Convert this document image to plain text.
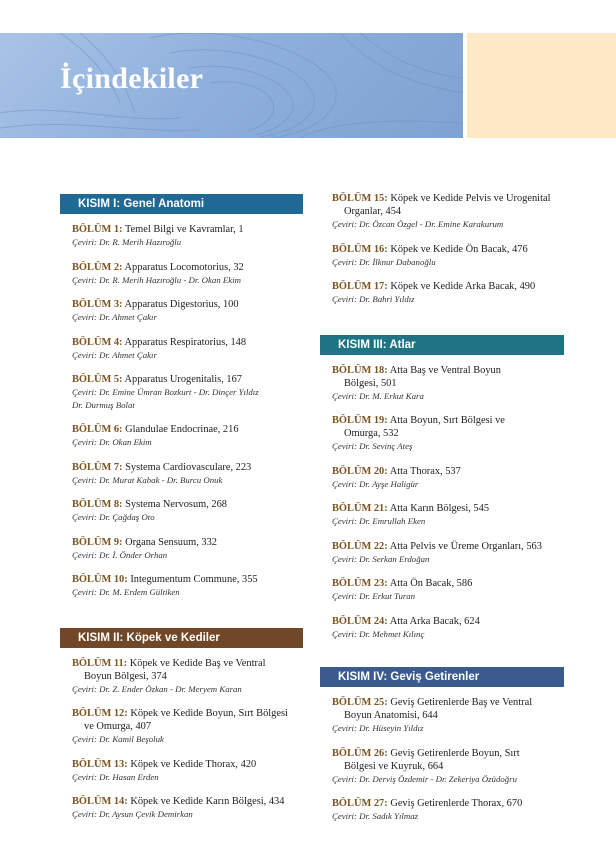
İçindekiler
KISIM I: Genel Anatomi
BÖLÜM 1: Temel Bilgi ve Kavramlar, 1
Çeviri: Dr. R. Merih Hazıroğlu
BÖLÜM 2: Apparatus Locomotorius, 32
Çeviri: Dr. R. Merih Hazıroğlu - Dr. Okan Ekim
BÖLÜM 3: Apparatus Digestorius, 100
Çeviri: Dr. Ahmet Çakır
BÖLÜM 4: Apparatus Respiratorius, 148
Çeviri: Dr. Ahmet Çakır
BÖLÜM 5: Apparatus Urogenitalis, 167
Çeviri: Dr. Emine Ümran Bozkurt - Dr. Dinçer Yıldız
Dr. Durmuş Bolat
BÖLÜM 6: Glandulae Endocrinae, 216
Çeviri: Dr. Okan Ekim
BÖLÜM 7: Systema Cardiovasculare, 223
Çeviri: Dr. Murat Kabak - Dr. Burcu Onuk
BÖLÜM 8: Systema Nervosum, 268
Çeviri: Dr. Çağdaş Oto
BÖLÜM 9: Organa Sensuum, 332
Çeviri: Dr. İ. Önder Orhan
BÖLÜM 10: Integumentum Commune, 355
Çeviri: Dr. M. Erdem Gültiken
KISIM II: Köpek ve Kediler
BÖLÜM 11: Köpek ve Kedide Baş ve Ventral
Boyun Bölgesi, 374
Çeviri: Dr. Z. Ender Özkan - Dr. Meryem Karan
BÖLÜM 12: Köpek ve Kedide Boyun, Sırt Bölgesi
ve Omurga, 407
Çeviri: Dr. Kamil Beşoluk
BÖLÜM 13: Köpek ve Kedide Thorax, 420
Çeviri: Dr. Hasan Erden
BÖLÜM 14: Köpek ve Kedide Karın Bölgesi, 434
Çeviri: Dr. Aysun Çevik Demirkan
BÖLÜM 15: Köpek ve Kedide Pelvis ve Urogenital
Organlar, 454
Çeviri: Dr. Özcan Özgel - Dr. Emine Karakurum
BÖLÜM 16: Köpek ve Kedide Ön Bacak, 476
Çeviri: Dr. İlknur Dabanoğlu
BÖLÜM 17: Köpek ve Kedide Arka Bacak, 490
Çeviri: Dr. Bahri Yıldız
KISIM III: Atlar
BÖLÜM 18: Atta Baş ve Ventral Boyun
Bölgesi, 501
Çeviri: Dr. M. Erkut Kara
BÖLÜM 19: Atta Boyun, Sırt Bölgesi ve
Omurga, 532
Çeviri: Dr. Sevinç Ateş
BÖLÜM 20: Atta Thorax, 537
Çeviri: Dr. Ayşe Haligür
BÖLÜM 21: Atta Karın Bölgesi, 545
Çeviri: Dr. Emrullah Eken
BÖLÜM 22: Atta Pelvis ve Üreme Organları, 563
Çeviri: Dr. Serkan Erdoğan
BÖLÜM 23: Atta Ön Bacak, 586
Çeviri: Dr. Erkut Turan
BÖLÜM 24: Atta Arka Bacak, 624
Çeviri: Dr. Mehmet Kılınç
KISIM IV: Geviş Getirenler
BÖLÜM 25: Geviş Getirenlerde Baş ve Ventral
Boyun Anatomisi, 644
Çeviri: Dr. Hüseyin Yıldız
BÖLÜM 26: Geviş Getirenlerde Boyun, Sırt
Bölgesi ve Kuyruk, 664
Çeviri: Dr. Derviş Özdemir - Dr. Zekeriya Özüdoğru
BÖLÜM 27: Geviş Getirenlerde Thorax, 670
Çeviri: Dr. Sadık Yılmaz
